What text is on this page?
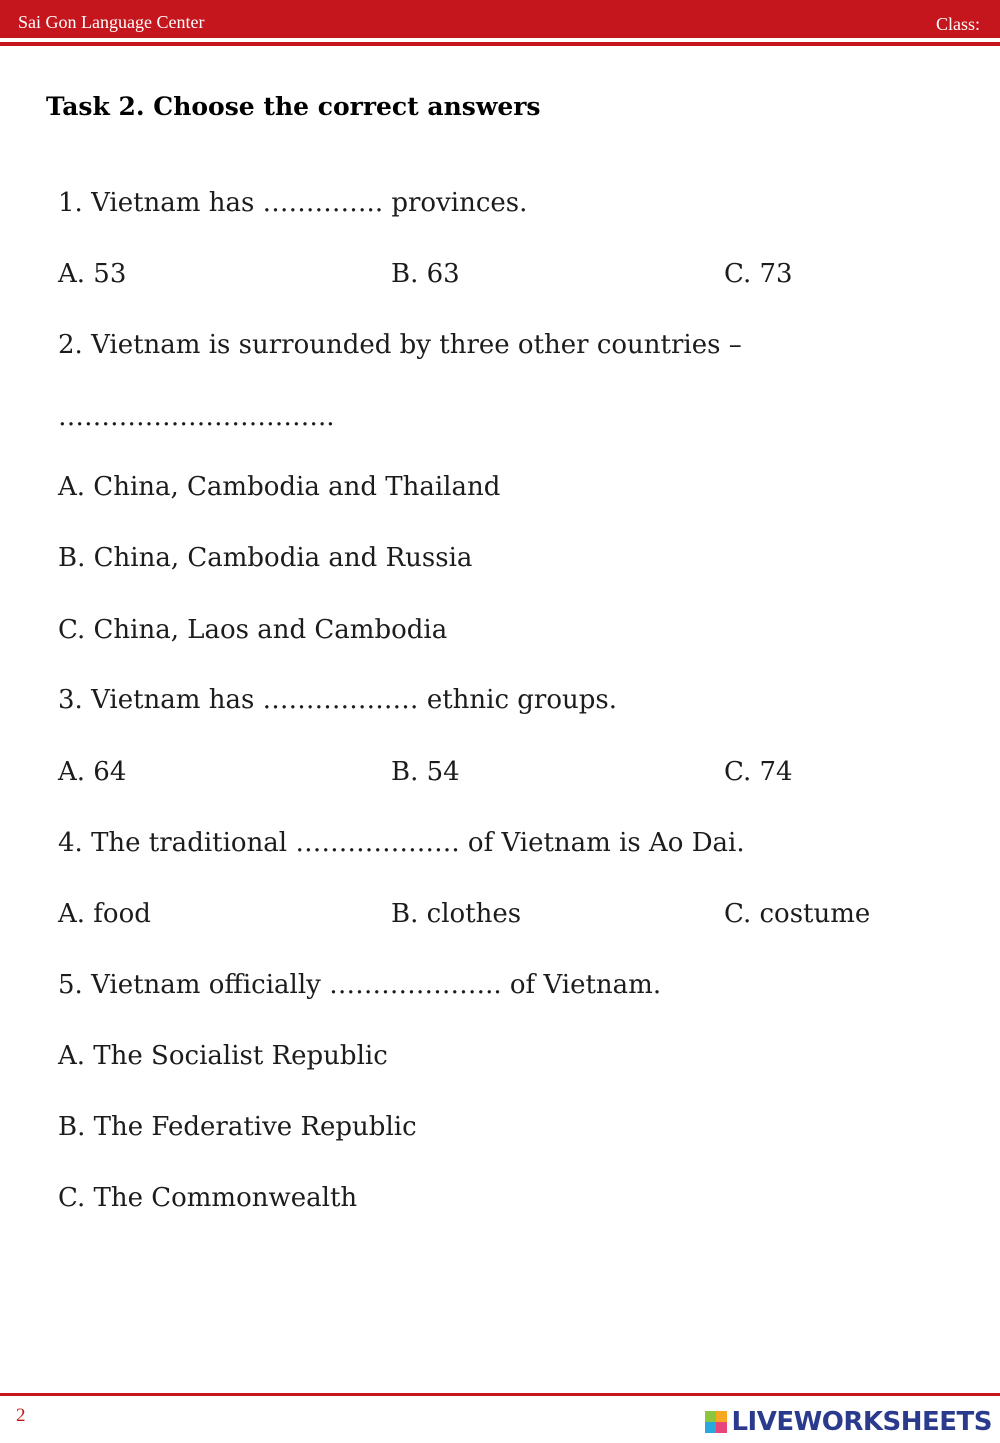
Sai Gon Language Center	Class:
Task 2. Choose the correct answers
1. Vietnam has ………….. provinces.
A. 53	B. 63	C. 73
2. Vietnam is surrounded by three other countries –
…………………………..
A. China, Cambodia and Thailand
B. China, Cambodia and Russia
C. China, Laos and Cambodia
3. Vietnam has ……………… ethnic groups.
A. 64	B. 54	C. 74
4. The traditional ………………. of Vietnam is Ao Dai.
A. food	B. clothes	C. costume
5. Vietnam officially ……………….. of Vietnam.
A. The Socialist Republic
B. The Federative Republic
C. The Commonwealth
2	LIVEWORKSHEETS
